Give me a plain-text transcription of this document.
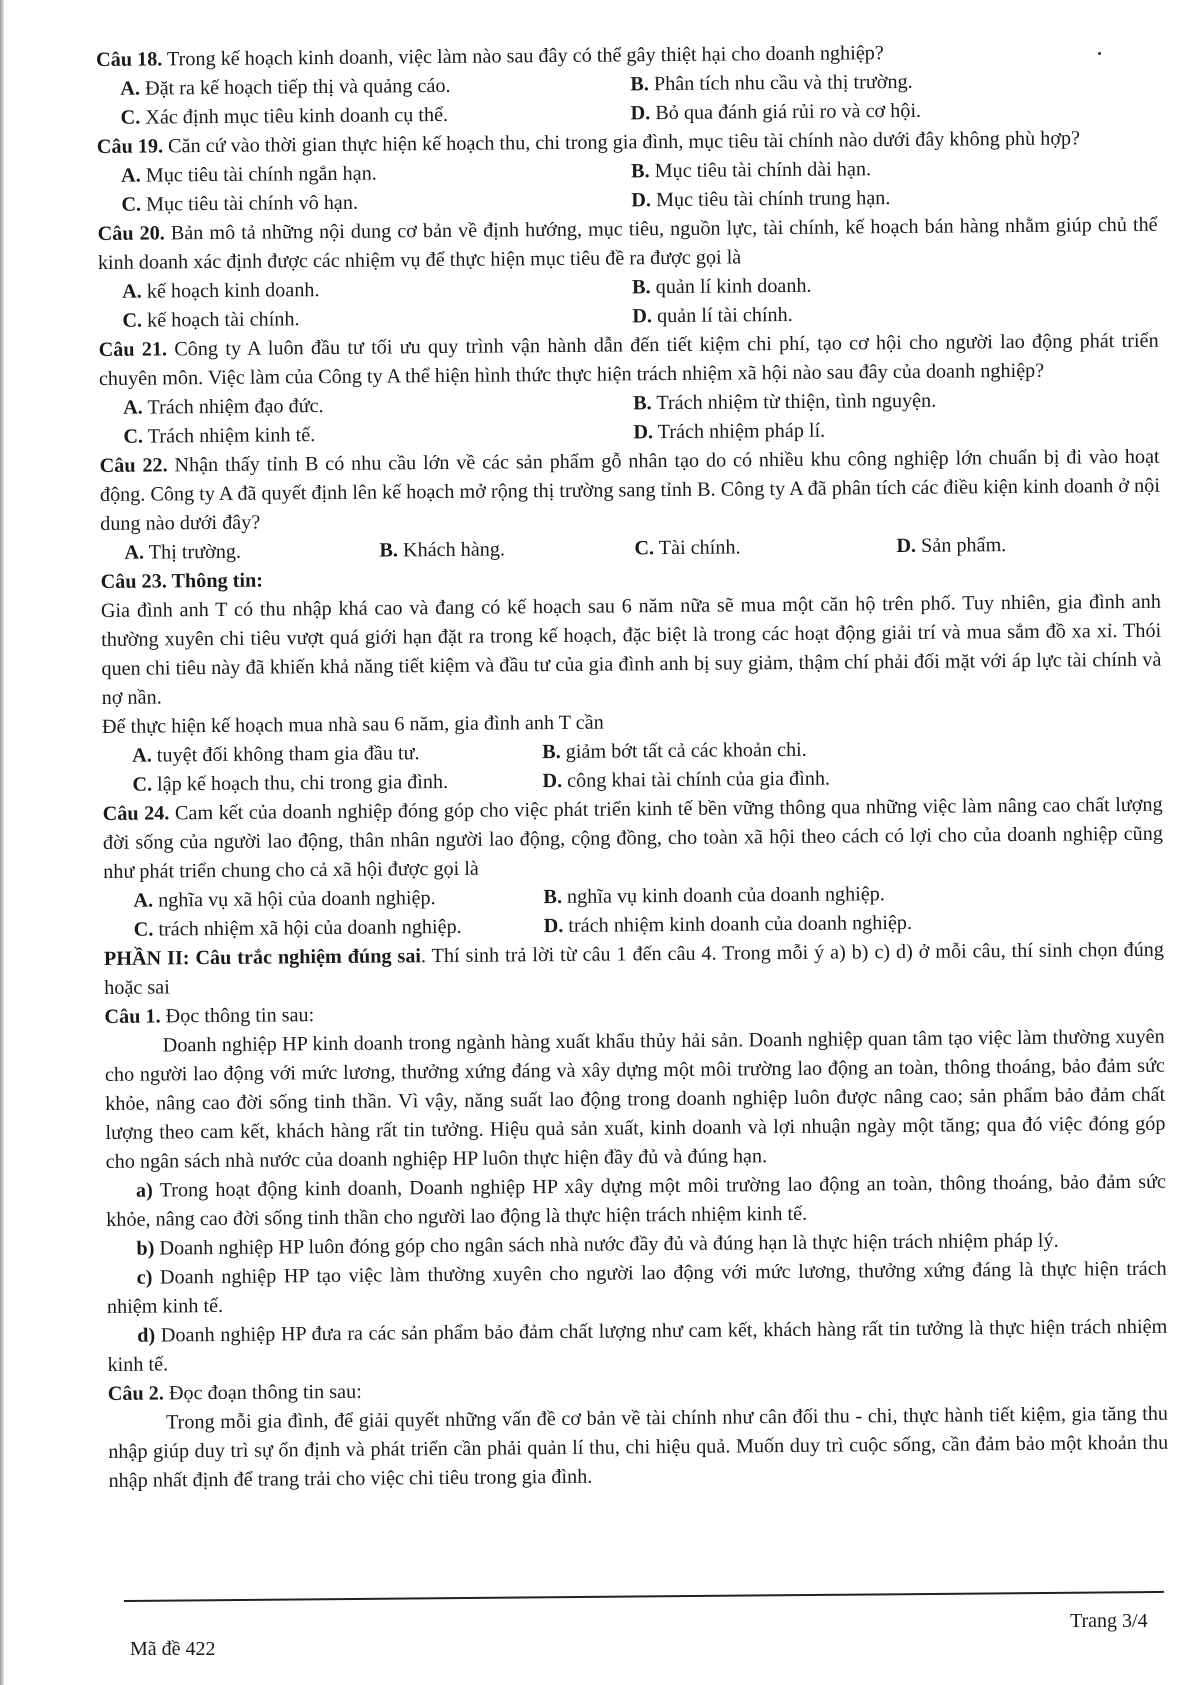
Câu 18. Trong kế hoạch kinh doanh, việc làm nào sau đây có thể gây thiệt hại cho doanh nghiệp?

A. Đặt ra kế hoạch tiếp thị và quảng cáo.	B. Phân tích nhu cầu và thị trường.
C. Xác định mục tiêu kinh doanh cụ thể.	D. Bỏ qua đánh giá rủi ro và cơ hội.

Câu 19. Căn cứ vào thời gian thực hiện kế hoạch thu, chi trong gia đình, mục tiêu tài chính nào dưới đây không phù hợp?

A. Mục tiêu tài chính ngắn hạn.	B. Mục tiêu tài chính dài hạn.
C. Mục tiêu tài chính vô hạn.	D. Mục tiêu tài chính trung hạn.

Câu 20. Bản mô tả những nội dung cơ bản về định hướng, mục tiêu, nguồn lực, tài chính, kế hoạch bán hàng nhằm giúp chủ thể kinh doanh xác định được các nhiệm vụ để thực hiện mục tiêu đề ra được gọi là

A. kế hoạch kinh doanh.	B. quản lí kinh doanh.
C. kế hoạch tài chính.	D. quản lí tài chính.

Câu 21. Công ty A luôn đầu tư tối ưu quy trình vận hành dẫn đến tiết kiệm chi phí, tạo cơ hội cho người lao động phát triển chuyên môn. Việc làm của Công ty A thể hiện hình thức thực hiện trách nhiệm xã hội nào sau đây của doanh nghiệp?

A. Trách nhiệm đạo đức.	B. Trách nhiệm từ thiện, tình nguyện.
C. Trách nhiệm kinh tế.	D. Trách nhiệm pháp lí.

Câu 22. Nhận thấy tỉnh B có nhu cầu lớn về các sản phẩm gỗ nhân tạo do có nhiều khu công nghiệp lớn chuẩn bị đi vào hoạt động. Công ty A đã quyết định lên kế hoạch mở rộng thị trường sang tỉnh B. Công ty A đã phân tích các điều kiện kinh doanh ở nội dung nào dưới đây?

A. Thị trường.	B. Khách hàng.	C. Tài chính.	D. Sản phẩm.

Câu 23. Thông tin:

Gia đình anh T có thu nhập khá cao và đang có kế hoạch sau 6 năm nữa sẽ mua một căn hộ trên phố. Tuy nhiên, gia đình anh thường xuyên chi tiêu vượt quá giới hạn đặt ra trong kế hoạch, đặc biệt là trong các hoạt động giải trí và mua sắm đồ xa xỉ. Thói quen chi tiêu này đã khiến khả năng tiết kiệm và đầu tư của gia đình anh bị suy giảm, thậm chí phải đối mặt với áp lực tài chính và nợ nần.

Để thực hiện kế hoạch mua nhà sau 6 năm, gia đình anh T cần

A. tuyệt đối không tham gia đầu tư.	B. giảm bớt tất cả các khoản chi.
C. lập kế hoạch thu, chi trong gia đình.	D. công khai tài chính của gia đình.

Câu 24. Cam kết của doanh nghiệp đóng góp cho việc phát triển kinh tế bền vững thông qua những việc làm nâng cao chất lượng đời sống của người lao động, thân nhân người lao động, cộng đồng, cho toàn xã hội theo cách có lợi cho của doanh nghiệp cũng như phát triển chung cho cả xã hội được gọi là

A. nghĩa vụ xã hội của doanh nghiệp.	B. nghĩa vụ kinh doanh của doanh nghiệp.
C. trách nhiệm xã hội của doanh nghiệp.	D. trách nhiệm kinh doanh của doanh nghiệp.

PHẦN II: Câu trắc nghiệm đúng sai. Thí sinh trả lời từ câu 1 đến câu 4. Trong mỗi ý a) b) c) d) ở mỗi câu, thí sinh chọn đúng hoặc sai

Câu 1. Đọc thông tin sau:

Doanh nghiệp HP kinh doanh trong ngành hàng xuất khẩu thủy hải sản. Doanh nghiệp quan tâm tạo việc làm thường xuyên cho người lao động với mức lương, thưởng xứng đáng và xây dựng một môi trường lao động an toàn, thông thoáng, bảo đảm sức khỏe, nâng cao đời sống tinh thần. Vì vậy, năng suất lao động trong doanh nghiệp luôn được nâng cao; sản phẩm bảo đảm chất lượng theo cam kết, khách hàng rất tin tưởng. Hiệu quả sản xuất, kinh doanh và lợi nhuận ngày một tăng; qua đó việc đóng góp cho ngân sách nhà nước của doanh nghiệp HP luôn thực hiện đầy đủ và đúng hạn.

a) Trong hoạt động kinh doanh, Doanh nghiệp HP xây dựng một môi trường lao động an toàn, thông thoáng, bảo đảm sức khỏe, nâng cao đời sống tinh thần cho người lao động là thực hiện trách nhiệm kinh tế.

b) Doanh nghiệp HP luôn đóng góp cho ngân sách nhà nước đầy đủ và đúng hạn là thực hiện trách nhiệm pháp lý.

c) Doanh nghiệp HP tạo việc làm thường xuyên cho người lao động với mức lương, thưởng xứng đáng là thực hiện trách nhiệm kinh tế.

d) Doanh nghiệp HP đưa ra các sản phẩm bảo đảm chất lượng như cam kết, khách hàng rất tin tưởng là thực hiện trách nhiệm kinh tế.

Câu 2. Đọc đoạn thông tin sau:

Trong mỗi gia đình, để giải quyết những vấn đề cơ bản về tài chính như cân đối thu - chi, thực hành tiết kiệm, gia tăng thu nhập giúp duy trì sự ổn định và phát triển cần phải quản lí thu, chi hiệu quả. Muốn duy trì cuộc sống, cần đảm bảo một khoản thu nhập nhất định để trang trải cho việc chi tiêu trong gia đình.

Trang 3/4
Mã đề 422
